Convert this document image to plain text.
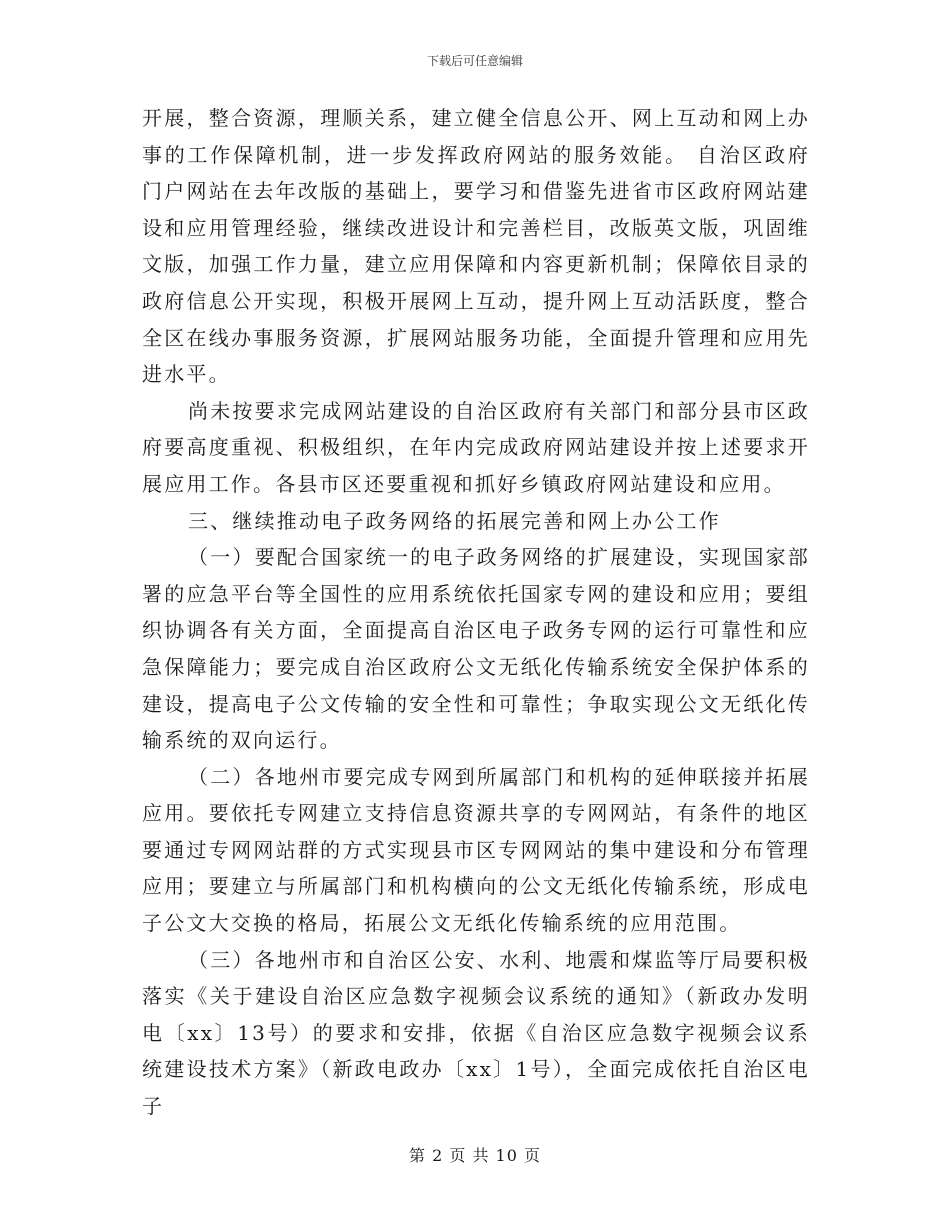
下载后可任意编辑

开展，整合资源，理顺关系，建立健全信息公开、网上互动和网上办事的工作保障机制，进一步发挥政府网站的服务效能。 自治区政府门户网站在去年改版的基础上，要学习和借鉴先进省市区政府网站建设和应用管理经验，继续改进设计和完善栏目，改版英文版，巩固维文版，加强工作力量，建立应用保障和内容更新机制；保障依目录的政府信息公开实现，积极开展网上互动，提升网上互动活跃度，整合全区在线办事服务资源，扩展网站服务功能，全面提升管理和应用先进水平。

尚未按要求完成网站建设的自治区政府有关部门和部分县市区政府要高度重视、积极组织，在年内完成政府网站建设并按上述要求开展应用工作。各县市区还要重视和抓好乡镇政府网站建设和应用。

三、继续推动电子政务网络的拓展完善和网上办公工作

（一）要配合国家统一的电子政务网络的扩展建设，实现国家部署的应急平台等全国性的应用系统依托国家专网的建设和应用；要组织协调各有关方面，全面提高自治区电子政务专网的运行可靠性和应急保障能力；要完成自治区政府公文无纸化传输系统安全保护体系的建设，提高电子公文传输的安全性和可靠性；争取实现公文无纸化传输系统的双向运行。

（二）各地州市要完成专网到所属部门和机构的延伸联接并拓展应用。要依托专网建立支持信息资源共享的专网网站，有条件的地区要通过专网网站群的方式实现县市区专网网站的集中建设和分布管理应用；要建立与所属部门和机构横向的公文无纸化传输系统，形成电子公文大交换的格局，拓展公文无纸化传输系统的应用范围。

（三）各地州市和自治区公安、水利、地震和煤监等厅局要积极落实《关于建设自治区应急数字视频会议系统的通知》（新政办发明电〔xx〕13号）的要求和安排，依据《自治区应急数字视频会议系统建设技术方案》（新政电政办〔xx〕1号），全面完成依托自治区电子

第 2 页 共 10 页
